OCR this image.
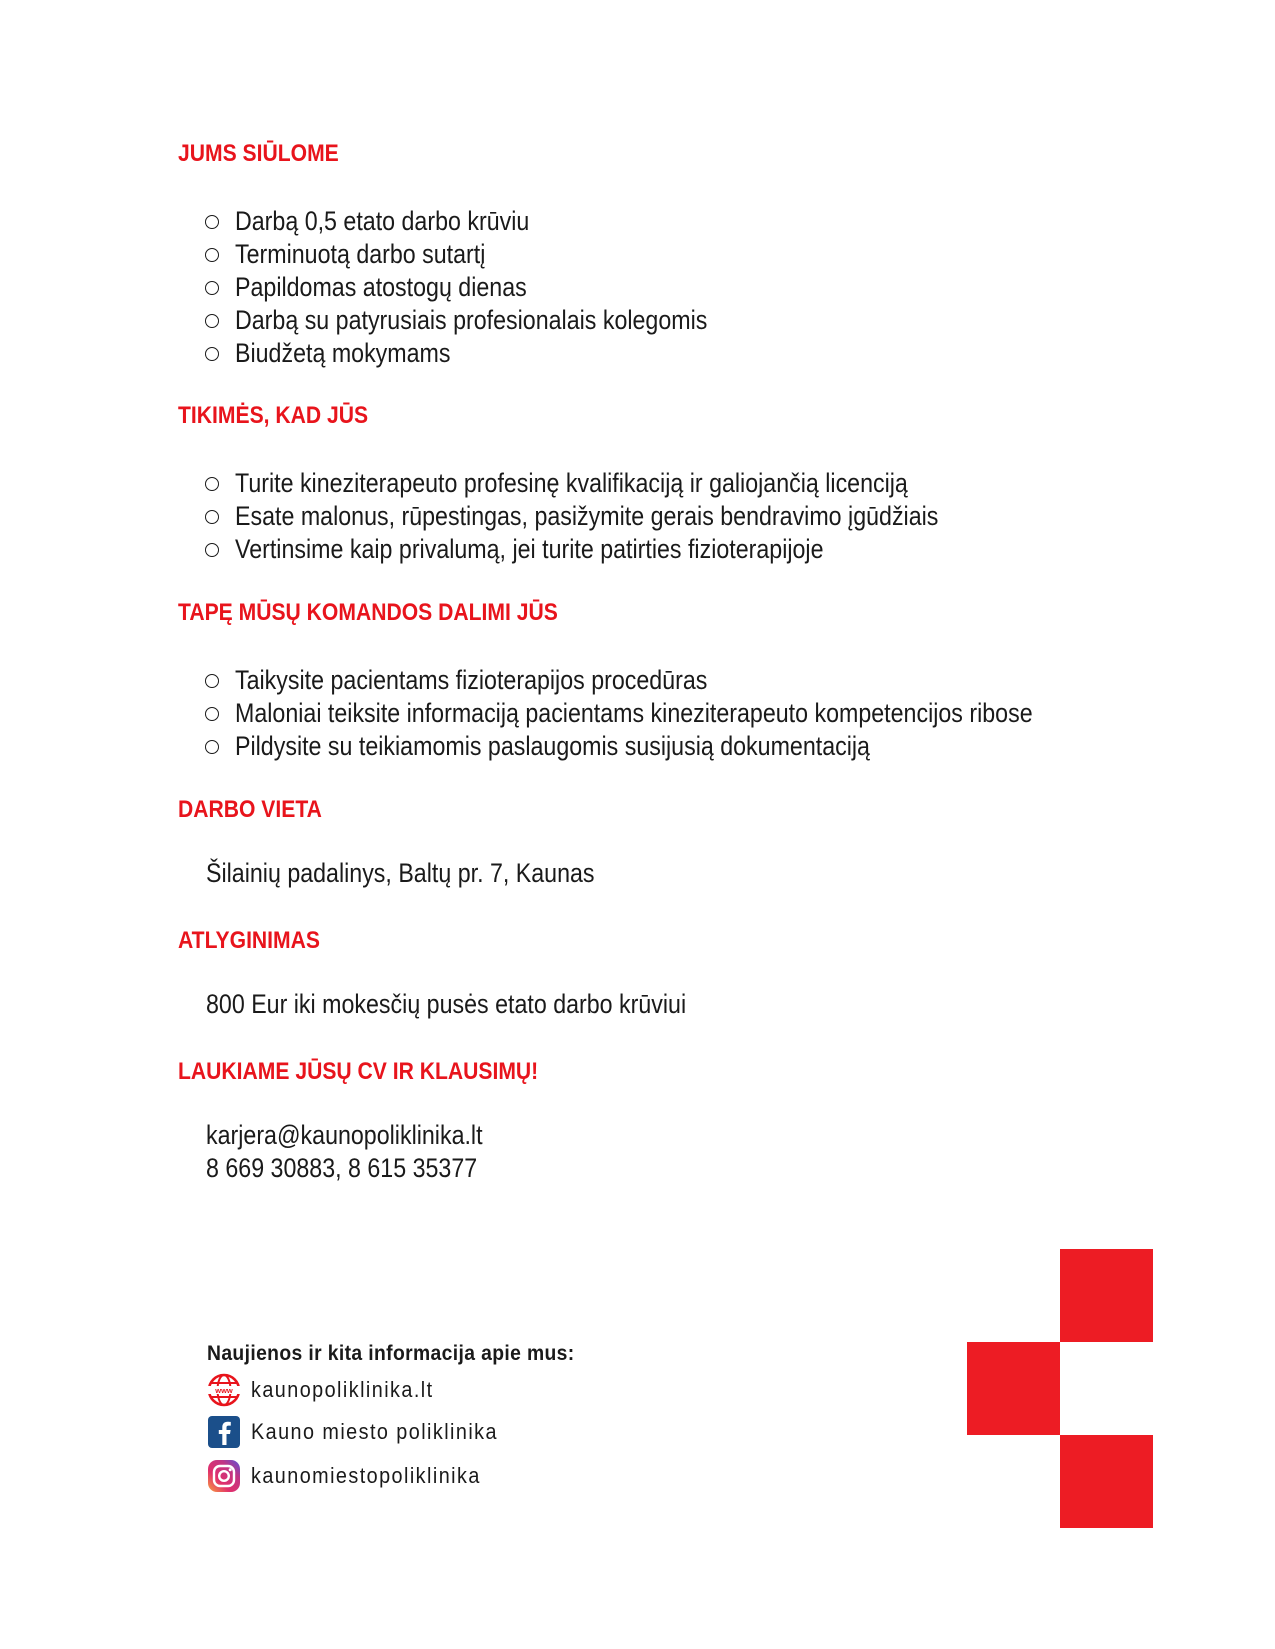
JUMS SIŪLOME
Darbą 0,5 etato darbo krūviu
Terminuotą darbo sutartį
Papildomas atostogų dienas
Darbą su patyrusiais profesionalais kolegomis
Biudžetą mokymams
TIKIMĖS, KAD JŪS
Turite kineziterapeuto profesinę kvalifikaciją ir galiojančią licenciją
Esate malonus, rūpestingas, pasižymite gerais bendravimo įgūdžiais
Vertinsime kaip privalumą, jei turite patirties fizioterapijoje
TAPĘ MŪSŲ KOMANDOS DALIMI JŪS
Taikysite pacientams fizioterapijos procedūras
Maloniai teiksite informaciją pacientams kineziterapeuto kompetencijos ribose
Pildysite su teikiamomis paslaugomis susijusią dokumentaciją
DARBO VIETA

Šilainių padalinys, Baltų pr. 7, Kaunas

ATLYGINIMAS

800 Eur iki mokesčių pusės etato darbo krūviui

LAUKIAME JŪSŲ CV IR KLAUSIMŲ!

karjera@kaunopoliklinika.lt

8 669 30883, 8 615 35377

Naujienos ir kita informacija apie mus:

www kaunopoliklinika.lt
Kauno miesto poliklinika
kaunomiestopoliklinika
